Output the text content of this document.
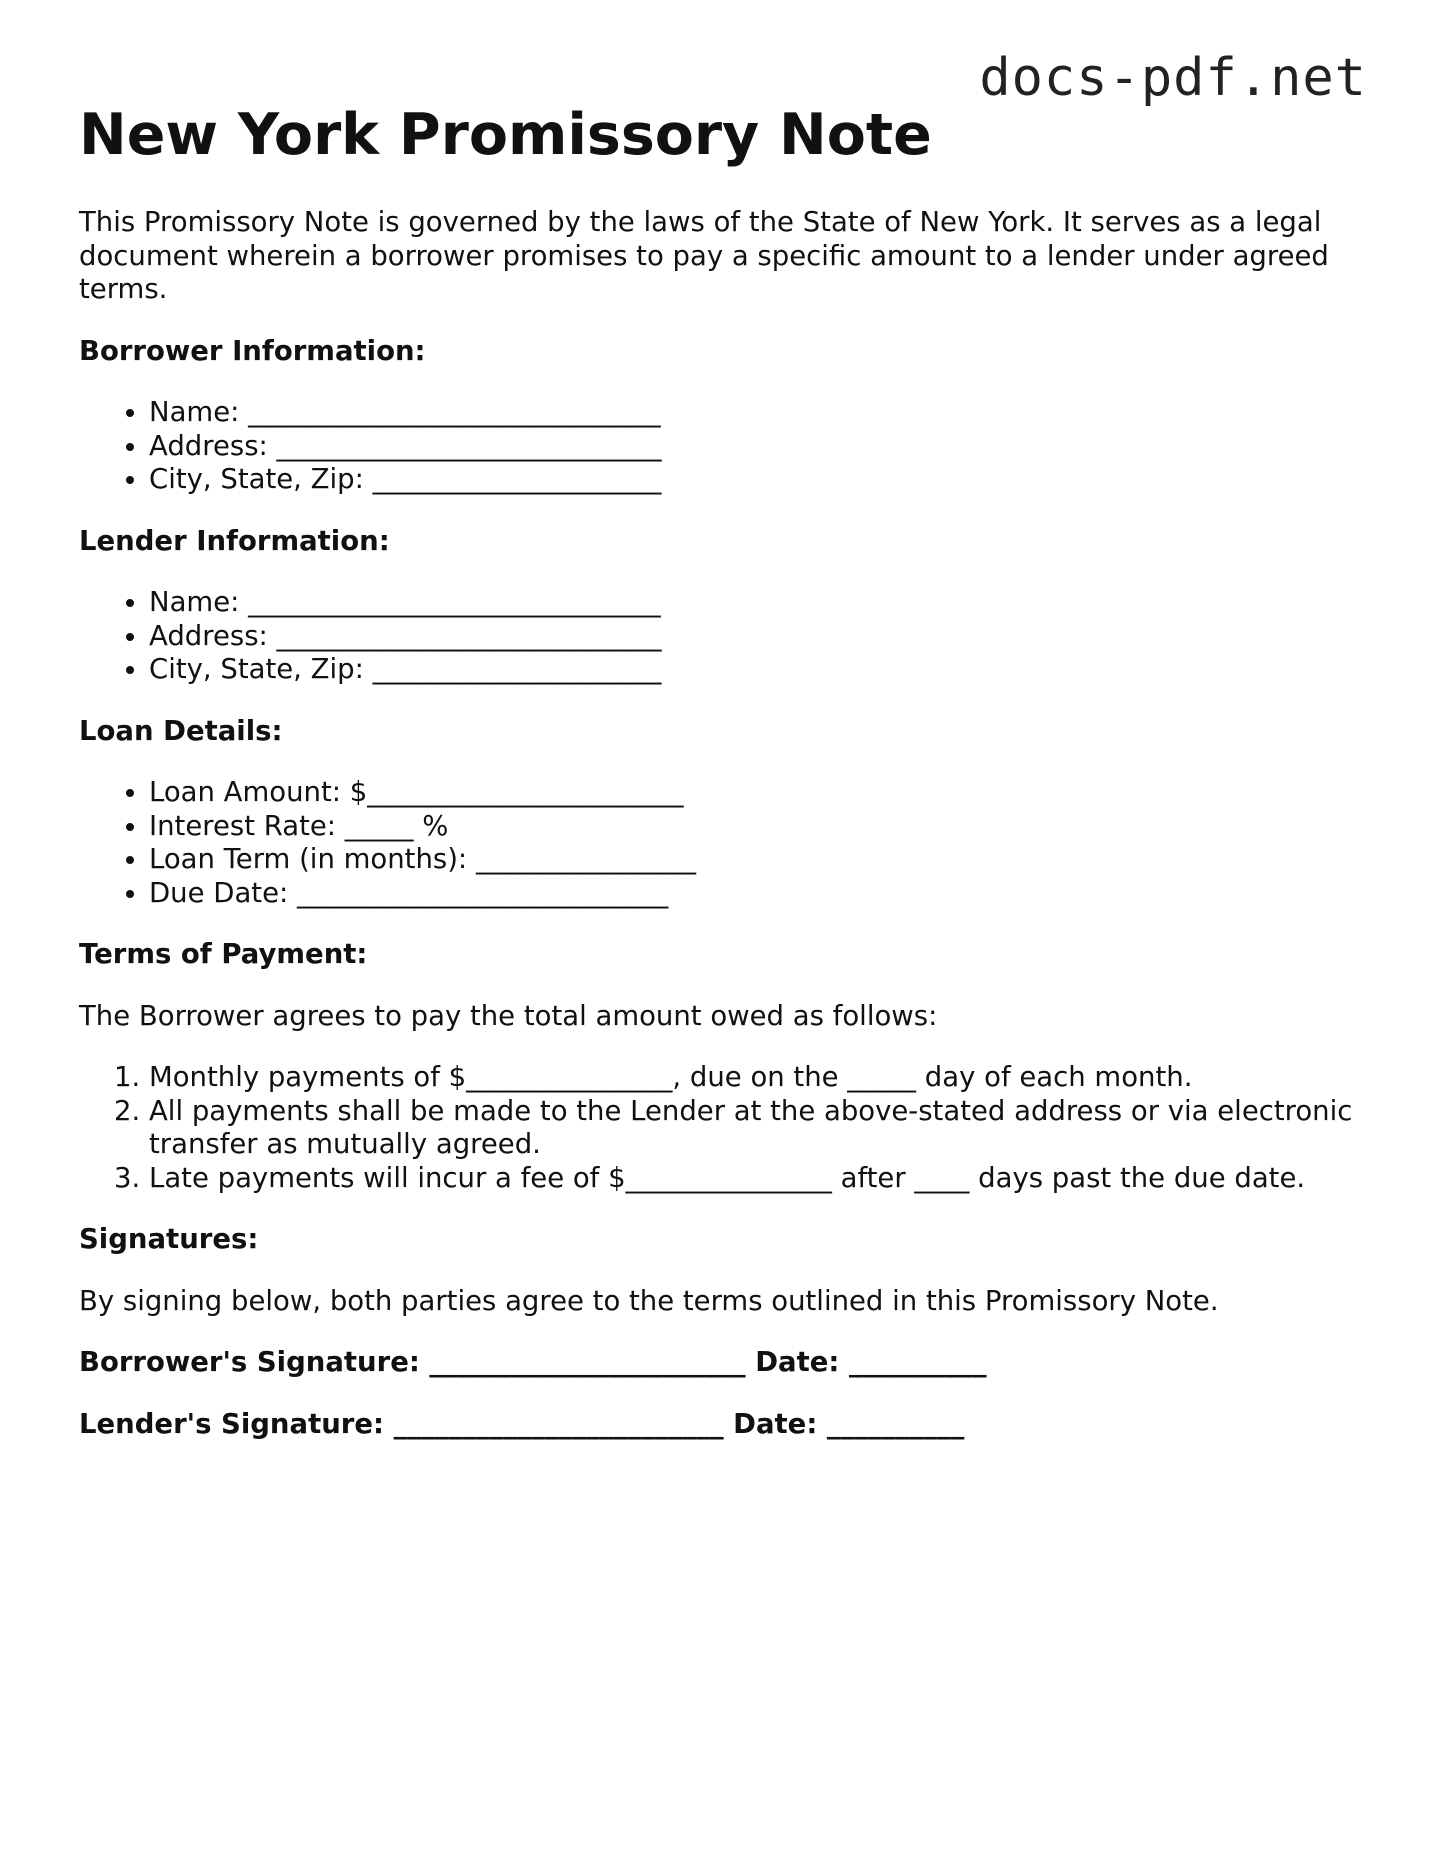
docs-pdf.net
New York Promissory Note

This Promissory Note is governed by the laws of the State of New York. It serves as a legal document wherein a borrower promises to pay a specific amount to a lender under agreed terms.

Borrower Information:

• Name: ______________________________
• Address: ____________________________
• City, State, Zip: _____________________

Lender Information:

• Name: ______________________________
• Address: ____________________________
• City, State, Zip: _____________________

Loan Details:

• Loan Amount: $_______________________
• Interest Rate: _____ %
• Loan Term (in months): ________________
• Due Date: ___________________________

Terms of Payment:

The Borrower agrees to pay the total amount owed as follows:

1. Monthly payments of $_______________, due on the _____ day of each month.
2. All payments shall be made to the Lender at the above-stated address or via electronic transfer as mutually agreed.
3. Late payments will incur a fee of $_______________ after ____ days past the due date.

Signatures:

By signing below, both parties agree to the terms outlined in this Promissory Note.

Borrower's Signature: _______________________ Date: __________

Lender's Signature: ________________________ Date: __________
